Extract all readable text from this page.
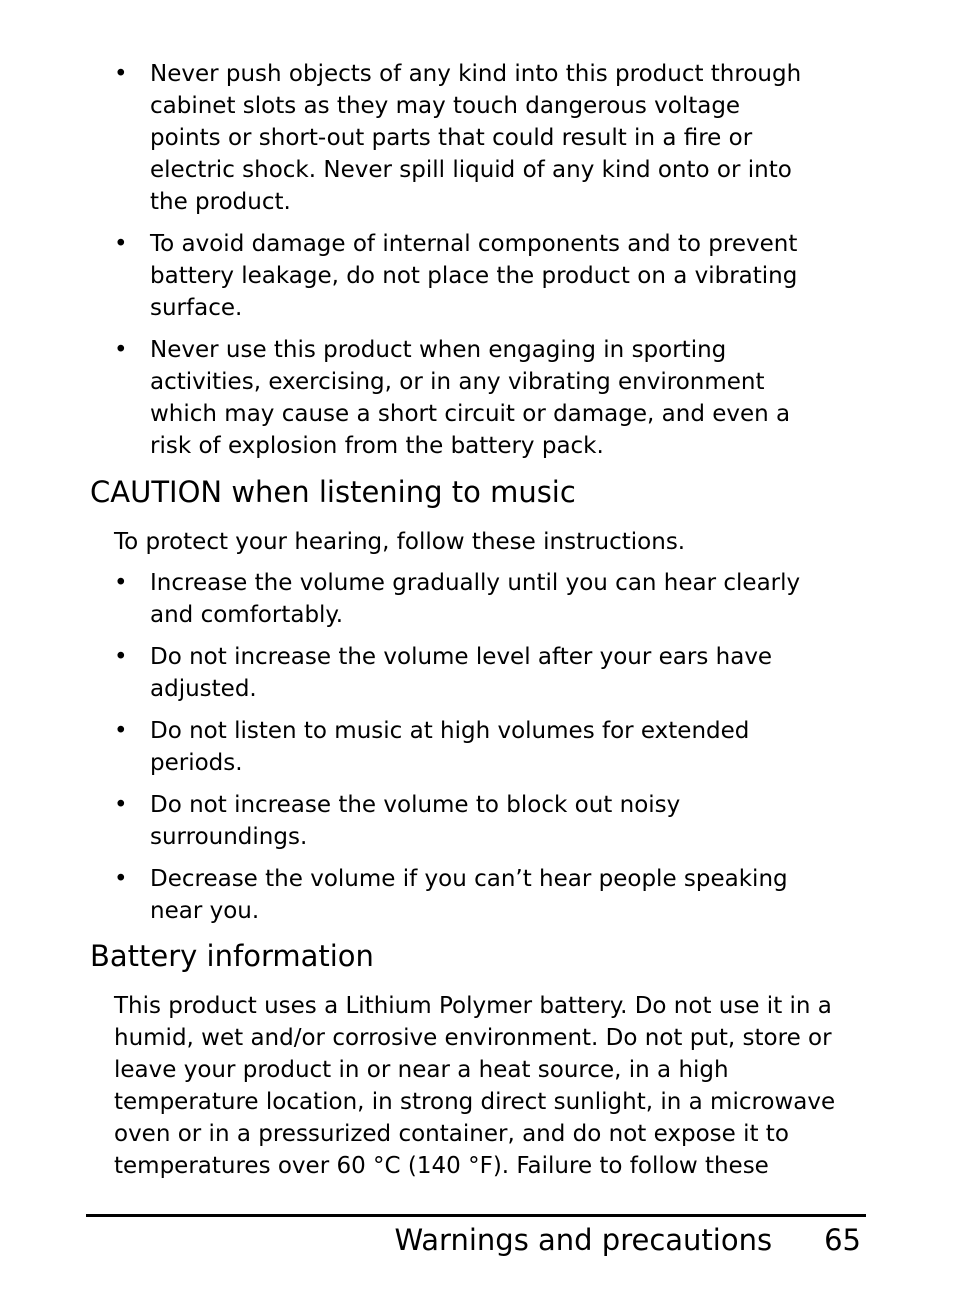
• Never push objects of any kind into this product through cabinet slots as they may touch dangerous voltage points or short-out parts that could result in a fire or electric shock. Never spill liquid of any kind onto or into the product.
• To avoid damage of internal components and to prevent battery leakage, do not place the product on a vibrating surface.
• Never use this product when engaging in sporting activities, exercising, or in any vibrating environment which may cause a short circuit or damage, and even a risk of explosion from the battery pack.
CAUTION when listening to music

To protect your hearing, follow these instructions.

• Increase the volume gradually until you can hear clearly and comfortably.
• Do not increase the volume level after your ears have adjusted.
• Do not listen to music at high volumes for extended periods.
• Do not increase the volume to block out noisy surroundings.
• Decrease the volume if you can’t hear people speaking near you.
Battery information

This product uses a Lithium Polymer battery. Do not use it in a humid, wet and/or corrosive environment. Do not put, store or leave your product in or near a heat source, in a high temperature location, in strong direct sunlight, in a microwave oven or in a pressurized container, and do not expose it to temperatures over 60 °C (140 °F). Failure to follow these

Warnings and precautions 65
